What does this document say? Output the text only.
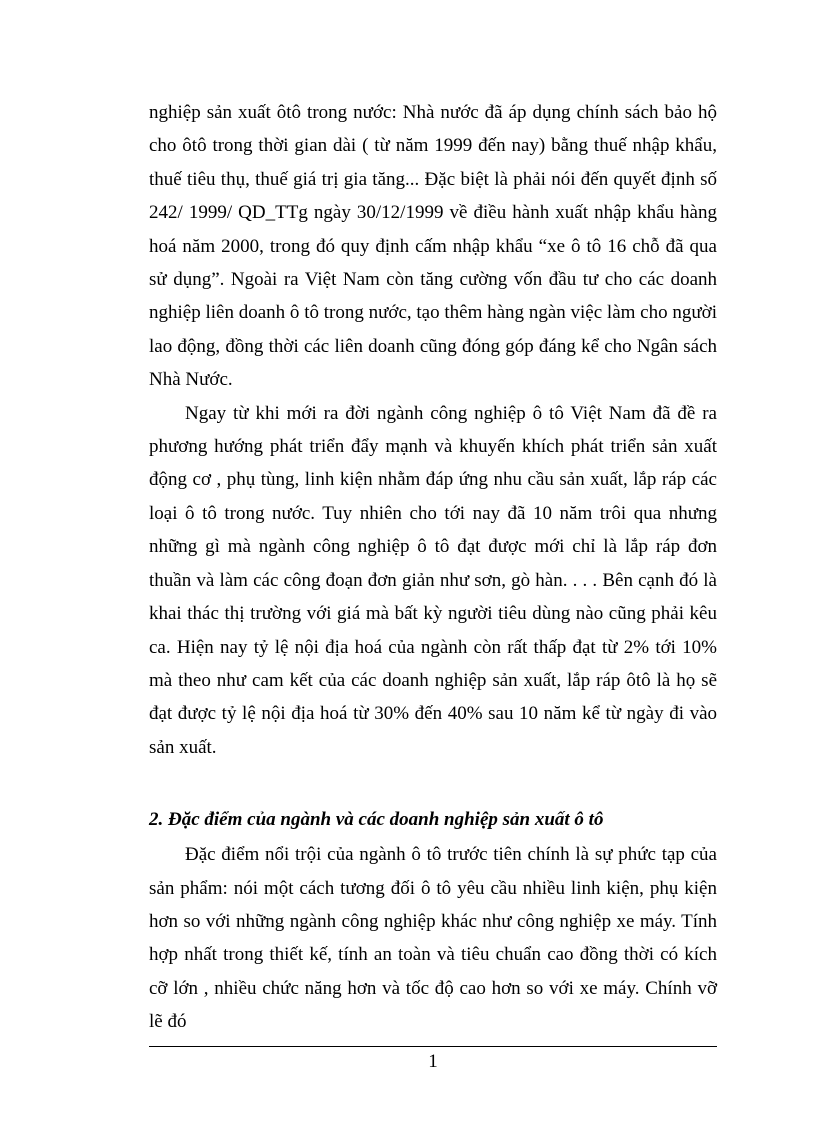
nghiệp sản xuất ôtô trong nước: Nhà nước đã áp dụng chính sách bảo hộ cho ôtô trong thời gian dài ( từ năm 1999 đến nay) bằng thuế nhập khẩu, thuế tiêu thụ, thuế giá trị gia tăng... Đặc biệt là phải nói đến quyết định số 242/ 1999/ QD_TTg ngày 30/12/1999 về điều hành xuất nhập khẩu hàng hoá năm 2000, trong đó quy định cấm nhập khẩu “xe ô tô 16 chỗ đã qua sử dụng”. Ngoài ra Việt Nam còn tăng cường vốn đầu tư cho các doanh nghiệp liên doanh ô tô trong nước, tạo thêm hàng ngàn việc làm cho người lao động, đồng thời các liên doanh cũng đóng góp đáng kể cho Ngân sách Nhà Nước.

Ngay từ khi mới ra đời ngành công nghiệp ô tô Việt Nam đã đề ra phương hướng phát triển đẩy mạnh và khuyến khích phát triển sản xuất động cơ , phụ tùng, linh kiện nhằm đáp ứng nhu cầu sản xuất, lắp ráp các loại ô tô trong nước. Tuy nhiên cho tới nay đã 10 năm trôi qua nhưng những gì mà ngành công nghiệp ô tô đạt được mới chỉ là lắp ráp đơn thuần và làm các công đoạn đơn giản như sơn, gò hàn. . . . Bên cạnh đó là khai thác thị trường với giá mà bất kỳ người tiêu dùng nào cũng phải kêu ca. Hiện nay tỷ lệ nội địa hoá của ngành còn rất thấp đạt từ 2% tới 10% mà theo như cam kết của các doanh nghiệp sản xuất, lắp ráp ôtô là họ sẽ đạt được tỷ lệ nội địa hoá từ 30% đến 40% sau 10 năm kể từ ngày đi vào sản xuất.

2. Đặc điểm của ngành và các doanh nghiệp sản xuất ô tô

Đặc điểm nổi trội của ngành ô tô trước tiên chính là sự phức tạp của sản phẩm: nói một cách tương đối ô tô yêu cầu nhiều linh kiện, phụ kiện hơn so với những ngành công nghiệp khác như công nghiệp xe máy. Tính hợp nhất trong thiết kế, tính an toàn và tiêu chuẩn cao đồng thời có kích cỡ lớn , nhiều chức năng hơn và tốc độ cao hơn so với xe máy. Chính vỡ lẽ đó

1
